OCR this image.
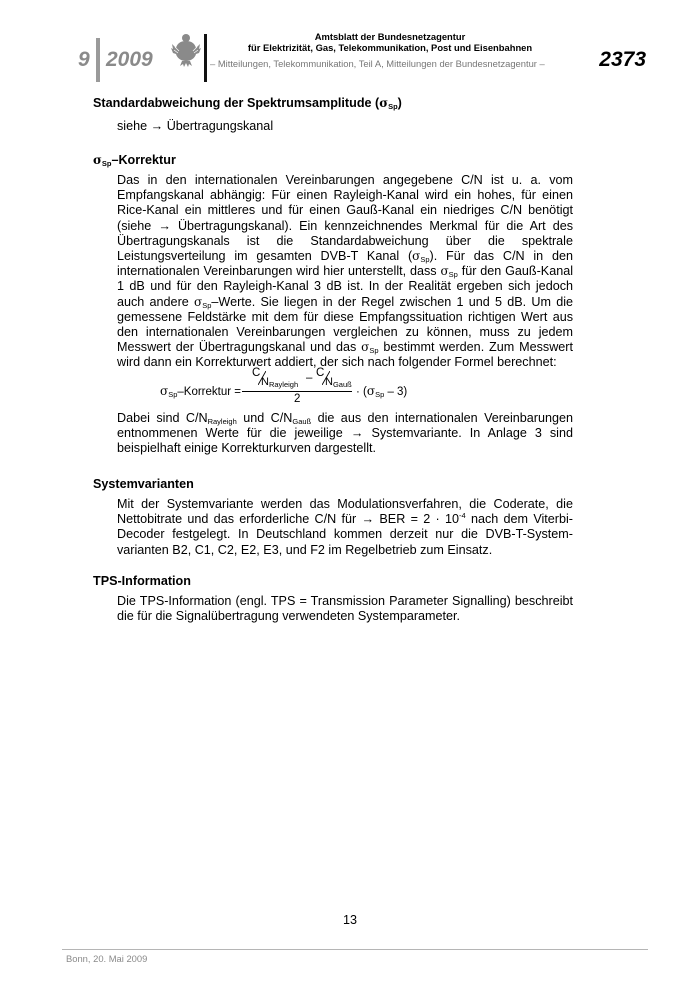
9 2009
Amtsblatt der Bundesnetzagentur
für Elektrizität, Gas, Telekommunikation, Post und Eisenbahnen
– Mitteilungen, Telekommunikation, Teil A, Mitteilungen der Bundesnetzagentur –	2373
Standardabweichung der Spektrumsamplitude $(\sigma_{Sp})$
siehe → Übertragungskanal
$\sigma_{Sp}$–Korrektur
Das in den internationalen Vereinbarungen angegebene C/N ist u. a. vom Empfangskanal abhängig: Für einen Rayleigh-Kanal wird ein hohes, für einen Rice-Kanal ein mittleres und für einen Gauß-Kanal ein niedriges C/N benötigt (siehe → Übertragungskanal). Ein kennzeichnendes Merkmal für die Art des Übertragungskanals ist die Standardabweichung über die spektrale Leistungsverteilung im gesamten DVB-T Kanal $(\sigma_{Sp})$. Für das C/N in den internationalen Vereinbarungen wird hier unterstellt, dass $\sigma_{Sp}$ für den Gauß-Kanal 1 dB und für den Rayleigh-Kanal 3 dB ist. In der Realität ergeben sich jedoch auch andere $\sigma_{Sp}$–Werte. Sie liegen in der Regel zwischen 1 und 5 dB. Um die gemessene Feldstärke mit dem für diese Empfangssituation richtigen Wert aus den internationalen Vereinbarungen vergleichen zu können, muss zu jedem Messwert der Übertragungskanal und das $\sigma_{Sp}$ bestimmt werden. Zum Messwert wird dann ein Korrekturwert addiert, der sich nach folgender Formel berechnet:
$\sigma_{Sp}$–Korrektur =
C
$N_{Rayleigh}$
– C
$N_{Gauß}$
2
· $(\sigma_{Sp} - 3)$
Dabei sind $C/N_{Rayleigh}$ und $C/N_{Gauß}$ die aus den internationalen Vereinbarungen entnommenen Werte für die jeweilige → Systemvariante. In Anlage 3 sind beispielhaft einige Korrekturkurven dargestellt.
Systemvarianten
Mit der Systemvariante werden das Modulationsverfahren, die Coderate, die Nettobitrate und das erforderliche C/N für → BER = $2 \cdot 10^{-4}$ nach dem Viterbi-Decoder festgelegt. In Deutschland kommen derzeit nur die DVB-T-Systemvarianten B2, C1, C2, E2, E3, und F2 im Regelbetrieb zum Einsatz.
TPS-Information
Die TPS-Information (engl. TPS = Transmission Parameter Signalling) beschreibt die für die Signalübertragung verwendeten Systemparameter.
13
Bonn, 20. Mai 2009
